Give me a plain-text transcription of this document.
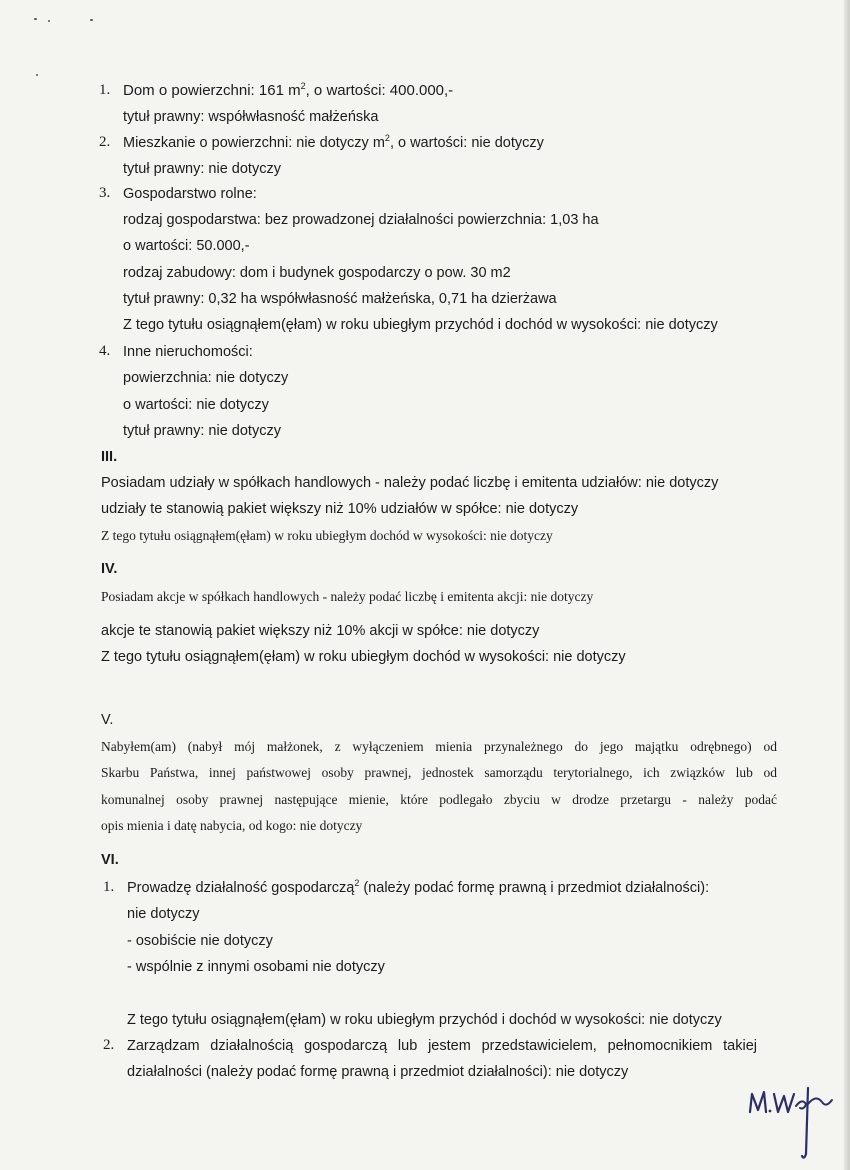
1. Dom o powierzchni: 161 $m^2$, o wartości: 400.000,-
tytuł prawny: współwłasność małżeńska
2. Mieszkanie o powierzchni: nie dotyczy $m^2$, o wartości: nie dotyczy
tytuł prawny: nie dotyczy
3. Gospodarstwo rolne:
rodzaj gospodarstwa: bez prowadzonej działalności powierzchnia: 1,03 ha
o wartości: 50.000,-
rodzaj zabudowy: dom i budynek gospodarczy o pow. 30 m2
tytuł prawny: 0,32 ha współwłasność małżeńska, 0,71 ha dzierżawa
Z tego tytułu osiągnąłem(ęłam) w roku ubiegłym przychód i dochód w wysokości: nie dotyczy
4. Inne nieruchomości:
powierzchnia: nie dotyczy
o wartości: nie dotyczy
tytuł prawny: nie dotyczy
III.
Posiadam udziały w spółkach handlowych - należy podać liczbę i emitenta udziałów: nie dotyczy
udziały te stanowią pakiet większy niż 10% udziałów w spółce: nie dotyczy
Z tego tytułu osiągnąłem(ęłam) w roku ubiegłym dochód w wysokości: nie dotyczy
IV.
Posiadam akcje w spółkach handlowych - należy podać liczbę i emitenta akcji: nie dotyczy
akcje te stanowią pakiet większy niż 10% akcji w spółce: nie dotyczy
Z tego tytułu osiągnąłem(ęłam) w roku ubiegłym dochód w wysokości: nie dotyczy
V.
Nabyłem(am) (nabył mój małżonek, z wyłączeniem mienia przynależnego do jego majątku odrębnego) od
Skarbu Państwa, innej państwowej osoby prawnej, jednostek samorządu terytorialnego, ich związków lub od
komunalnej osoby prawnej następujące mienie, które podlegało zbyciu w drodze przetargu - należy podać
opis mienia i datę nabycia, od kogo: nie dotyczy
VI.
1. Prowadzę działalność gospodarczą$^2$ (należy podać formę prawną i przedmiot działalności):
nie dotyczy
- osobiście nie dotyczy
- wspólnie z innymi osobami nie dotyczy
Z tego tytułu osiągnąłem(ęłam) w roku ubiegłym przychód i dochód w wysokości: nie dotyczy
2. Zarządzam działalnością gospodarczą lub jestem przedstawicielem, pełnomocnikiem takiej
działalności (należy podać formę prawną i przedmiot działalności): nie dotyczy
